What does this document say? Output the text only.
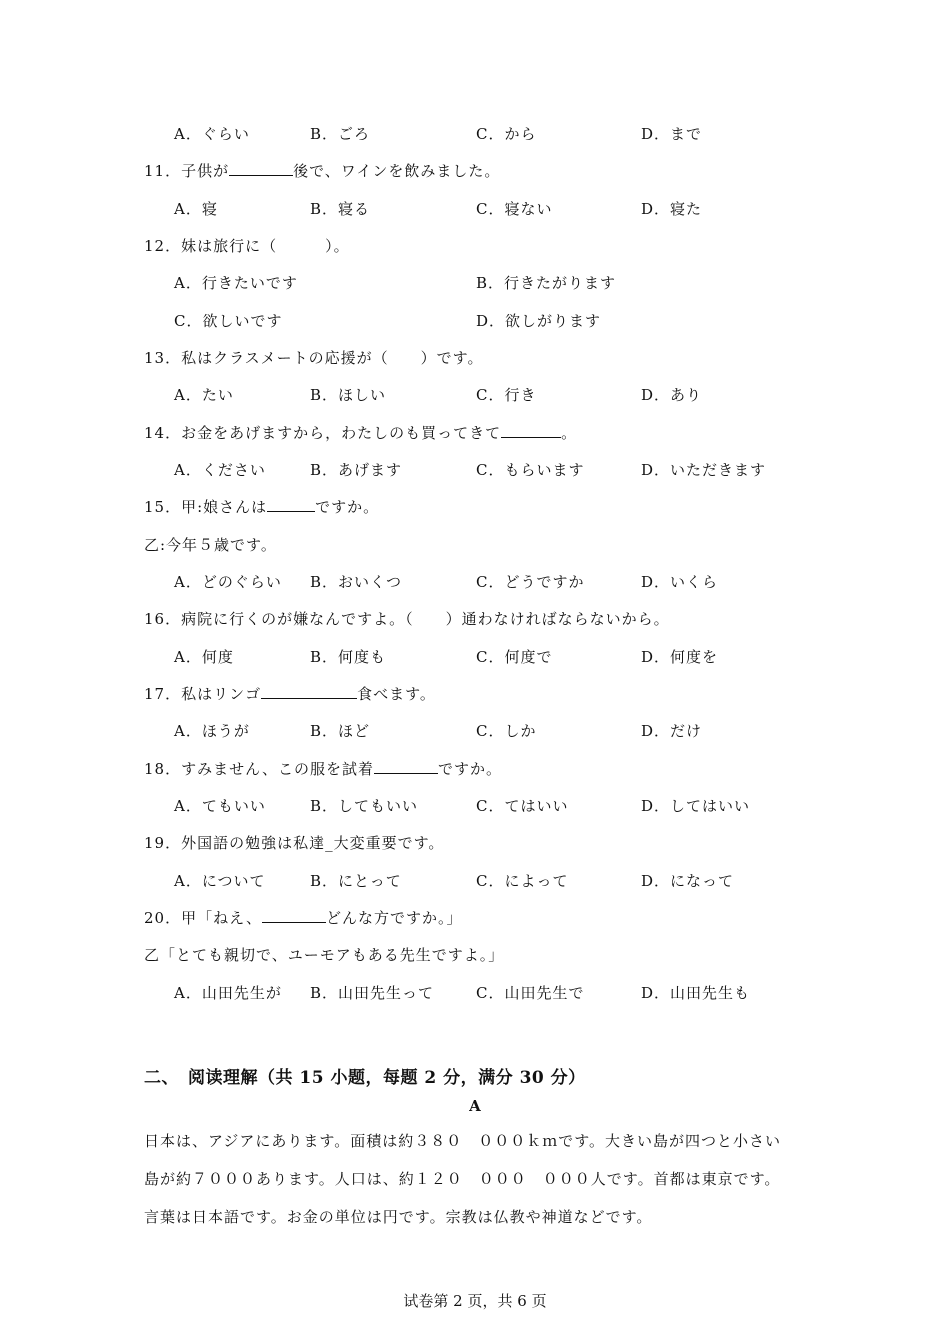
A．ぐらい	B．ごろ	C．から	D．まで
11．子供が	後で、ワインを飲みました。
A．寝	B．寝る	C．寝ない	D．寝た
12．妹は旅行に（　　　）。
A．行きたいです	B．行きたがります
C．欲しいです	D．欲しがります
13．私はクラスメートの応援が（　　）です。
A．たい	B．ほしい	C．行き	D．あり
14．お金をあげますから，わたしのも買ってきて	。
A．ください	B．あげます	C．もらいます	D．いただきます
15．甲:娘さんは	ですか。
乙:今年５歳です。
A．どのぐらい B．おいくつ	C．どうですか	D．いくら
16．病院に行くのが嫌なんですよ。（　　）通わなければならないから。
A．何度	B．何度も	C．何度で	D．何度を
17．私はリンゴ	食べます。
A．ほうが	B．ほど	C．しか	D．だけ
18．すみません、この服を試着	ですか。
A．てもいい	B．してもいい	C．てはいい	D．してはいい
19．外国語の勉強は私達_大変重要です。
A．について	B．にとって	C．によって	D．になって
20．甲「ねえ、	どんな方ですか。」
乙「とても親切で、ユーモアもある先生ですよ。」
A．山田先生が B．山田先生って	C．山田先生で	D．山田先生も
二、　阅读理解（共 15 小题，每题 2 分，满分 30 分）
A
日本は、アジアにあります。面積は約３８０　０００ｋｍです。大きい島が四つと小さい
島が約７０００あります。人口は、約１２０　０００　０００人です。首都は東京です。
言葉は日本語です。お金の単位は円です。宗教は仏教や神道などです。
试卷第 2 页，共 6 页
